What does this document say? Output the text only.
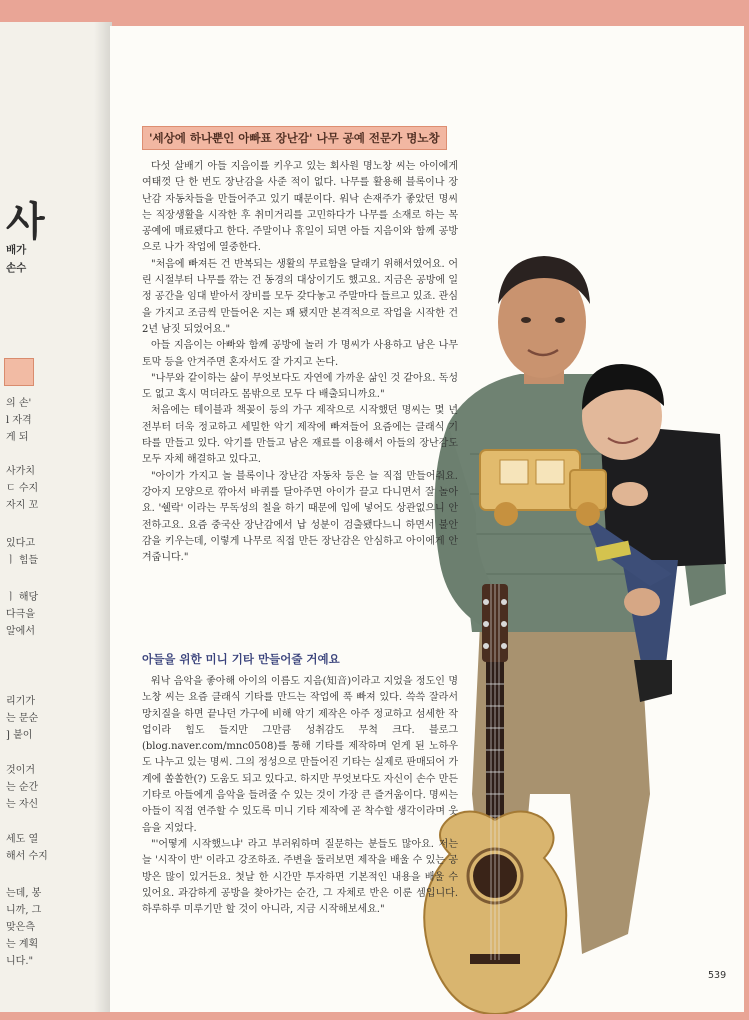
사
배가
손수
의 손'
l 자격
게 되
사가치
ㄷ 수지
자지 꼬
있다고
ㅣ 힘들
ㅣ 해당
다극을
알에서
리기가
는 문순
] 붙이
것이거
는 순간
는 자신
세도 열
해서 수지
는데, 봉
니까, 그
맞은측
는 계획
니다."
'세상에 하나뿐인 아빠표 장난감' 나무 공예 전문가 명노창

다섯 살배기 아들 지음이를 키우고 있는 회사원 명노창 씨는 아이에게 여태껏 단 한 번도 장난감을 사준 적이 없다. 나무를 활용해 블록이나 장난감 자동차들을 만들어주고 있기 때문이다. 워낙 손재주가 좋았던 명씨는 직장생활을 시작한 후 취미거리를 고민하다가 나무를 소재로 하는 목공예에 매료됐다고 한다. 주말이나 휴일이 되면 아들 지음이와 함께 공방으로 나가 작업에 열중한다.

"처음에 빠져든 건 반복되는 생활의 무료함을 달래기 위해서였어요. 어린 시절부터 나무를 깎는 건 동경의 대상이기도 했고요. 지금은 공방에 일정 공간을 임대 받아서 장비를 모두 갖다놓고 주말마다 들르고 있죠. 관심을 가지고 조금씩 만들어온 지는 꽤 됐지만 본격적으로 작업을 시작한 건 2년 남짓 되었어요."

아들 지음이는 아빠와 함께 공방에 놀러 가 명씨가 사용하고 남은 나무토막 등을 안겨주면 혼자서도 잘 가지고 논다.

"나무와 같이하는 삶이 무엇보다도 자연에 가까운 삶인 것 같아요. 독성도 없고 혹시 먹더라도 몸밖으로 모두 다 배출되니까요."

처음에는 테이블과 책꽂이 등의 가구 제작으로 시작했던 명씨는 몇 년 전부터 더욱 정교하고 세밀한 악기 제작에 빠져들어 요즘에는 클래식 기타를 만들고 있다. 악기를 만들고 남은 재료를 이용해서 아들의 장난감도 모두 자체 해결하고 있다고.

"아이가 가지고 놀 블록이나 장난감 자동차 등은 늘 직접 만들어줘요. 강아지 모양으로 깎아서 바퀴를 달아주면 아이가 끌고 다니면서 잘 놀아요. '쉘락' 이라는 무독성의 칠을 하기 때문에 입에 넣어도 상관없으니 안전하고요. 요즘 중국산 장난감에서 납 성분이 검출됐다느니 하면서 불안감을 키우는데, 이렇게 나무로 직접 만든 장난감은 안심하고 아이에게 안겨줍니다."

아들을 위한 미니 기타 만들어줄 거예요

워낙 음악을 좋아해 아이의 이름도 지음(知音)이라고 지었을 정도인 명노창 씨는 요즘 클래식 기타를 만드는 작업에 푹 빠져 있다. 쓱쓱 잘라서 망치질을 하면 끝나던 가구에 비해 악기 제작은 아주 정교하고 섬세한 작업이라 힘도 들지만 그만큼 성취감도 무척 크다. 블로그(blog.naver.com/mnc0508)를 통해 기타를 제작하며 얻게 된 노하우도 나누고 있는 명씨. 그의 정성으로 만들어진 기타는 실제로 판매되어 가계에 쏠쏠한(?) 도움도 되고 있다고. 하지만 무엇보다도 자신이 손수 만든 기타로 아들에게 음악을 들려줄 수 있는 것이 가장 큰 즐거움이다. 명씨는 아들이 직접 연주할 수 있도록 미니 기타 제작에 곧 착수할 생각이라며 웃음을 지었다.

"'어떻게 시작했느냐' 라고 부러워하며 질문하는 분들도 많아요. 저는 늘 '시작이 반' 이라고 강조하죠. 주변을 둘러보면 제작을 배울 수 있는 공방은 많이 있거든요. 첫날 한 시간만 투자하면 기본적인 내용을 배울 수 있어요. 과감하게 공방을 찾아가는 순간, 그 자체로 반은 이룬 셈입니다. 하루하루 미루기만 할 것이 아니라, 지금 시작해보세요."

539
